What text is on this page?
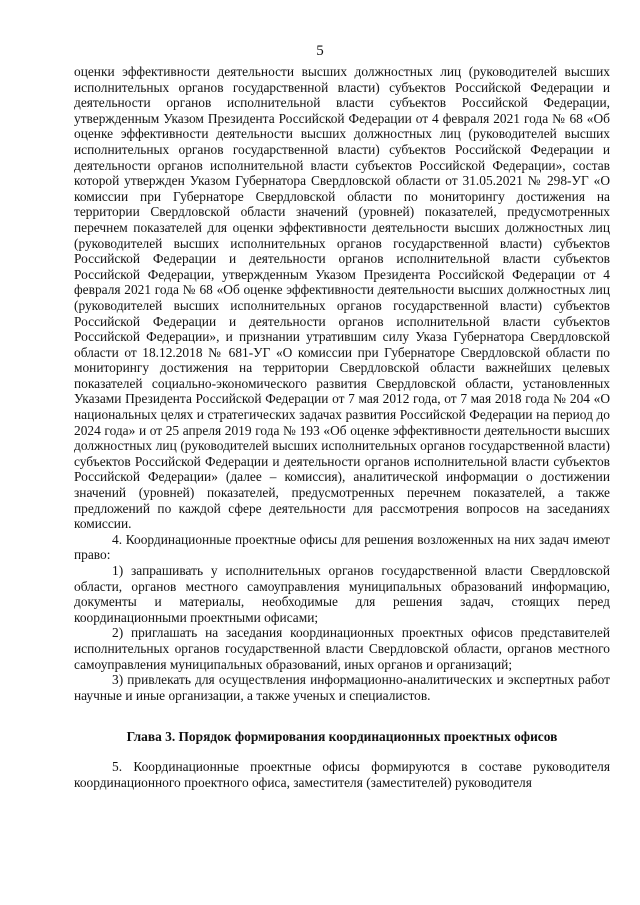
5

оценки эффективности деятельности высших должностных лиц (руководителей высших исполнительных органов государственной власти) субъектов Российской Федерации и деятельности органов исполнительной власти субъектов Российской Федерации, утвержденным Указом Президента Российской Федерации от 4 февраля 2021 года № 68 «Об оценке эффективности деятельности высших должностных лиц (руководителей высших исполнительных органов государственной власти) субъектов Российской Федерации и деятельности органов исполнительной власти субъектов Российской Федерации», состав которой утвержден Указом Губернатора Свердловской области от 31.05.2021 № 298-УГ «О комиссии при Губернаторе Свердловской области по мониторингу достижения на территории Свердловской области значений (уровней) показателей, предусмотренных перечнем показателей для оценки эффективности деятельности высших должностных лиц (руководителей высших исполнительных органов государственной власти) субъектов Российской Федерации и деятельности органов исполнительной власти субъектов Российской Федерации, утвержденным Указом Президента Российской Федерации от 4 февраля 2021 года № 68 «Об оценке эффективности деятельности высших должностных лиц (руководителей высших исполнительных органов государственной власти) субъектов Российской Федерации и деятельности органов исполнительной власти субъектов Российской Федерации», и признании утратившим силу Указа Губернатора Свердловской области от 18.12.2018 № 681-УГ «О комиссии при Губернаторе Свердловской области по мониторингу достижения на территории Свердловской области важнейших целевых показателей социально-экономического развития Свердловской области, установленных Указами Президента Российской Федерации от 7 мая 2012 года, от 7 мая 2018 года № 204 «О национальных целях и стратегических задачах развития Российской Федерации на период до 2024 года» и от 25 апреля 2019 года № 193 «Об оценке эффективности деятельности высших должностных лиц (руководителей высших исполнительных органов государственной власти) субъектов Российской Федерации и деятельности органов исполнительной власти субъектов Российской Федерации» (далее – комиссия), аналитической информации о достижении значений (уровней) показателей, предусмотренных перечнем показателей, а также предложений по каждой сфере деятельности для рассмотрения вопросов на заседаниях комиссии.

4. Координационные проектные офисы для решения возложенных на них задач имеют право:

1) запрашивать у исполнительных органов государственной власти Свердловской области, органов местного самоуправления муниципальных образований информацию, документы и материалы, необходимые для решения задач, стоящих перед координационными проектными офисами;

2) приглашать на заседания координационных проектных офисов представителей исполнительных органов государственной власти Свердловской области, органов местного самоуправления муниципальных образований, иных органов и организаций;

3) привлекать для осуществления информационно-аналитических и экспертных работ научные и иные организации, а также ученых и специалистов.

Глава 3. Порядок формирования координационных проектных офисов

5. Координационные проектные офисы формируются в составе руководителя координационного проектного офиса, заместителя (заместителей) руководителя
